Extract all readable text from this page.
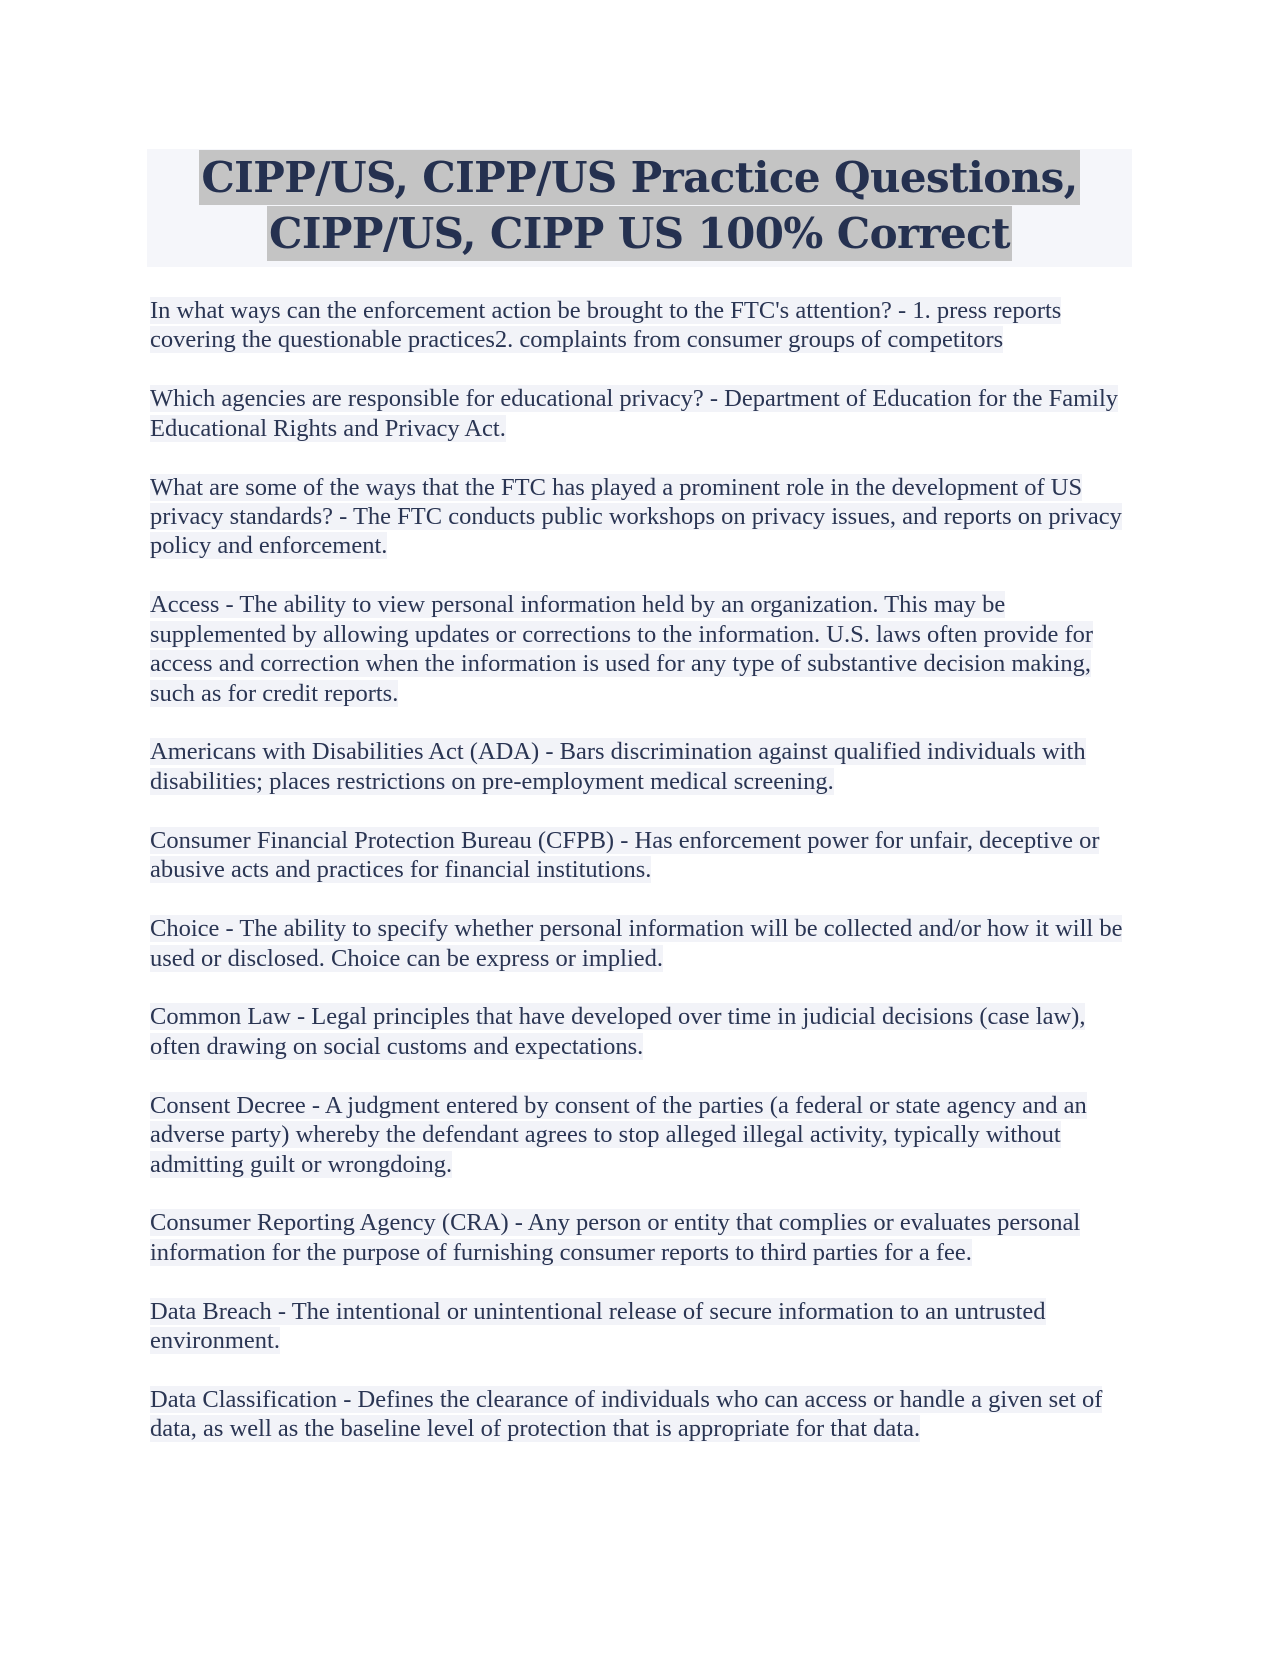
CIPP/US, CIPP/US Practice Questions,
CIPP/US, CIPP US 100% Correct

In what ways can the enforcement action be brought to the FTC's attention? - 1. press reports covering the questionable practices2. complaints from consumer groups of competitors

Which agencies are responsible for educational privacy? - Department of Education for the Family Educational Rights and Privacy Act.

What are some of the ways that the FTC has played a prominent role in the development of US privacy standards? - The FTC conducts public workshops on privacy issues, and reports on privacy policy and enforcement.

Access - The ability to view personal information held by an organization. This may be supplemented by allowing updates or corrections to the information. U.S. laws often provide for access and correction when the information is used for any type of substantive decision making, such as for credit reports.

Americans with Disabilities Act (ADA) - Bars discrimination against qualified individuals with disabilities; places restrictions on pre-employment medical screening.

Consumer Financial Protection Bureau (CFPB) - Has enforcement power for unfair, deceptive or abusive acts and practices for financial institutions.

Choice - The ability to specify whether personal information will be collected and/or how it will be used or disclosed. Choice can be express or implied.

Common Law - Legal principles that have developed over time in judicial decisions (case law), often drawing on social customs and expectations.

Consent Decree - A judgment entered by consent of the parties (a federal or state agency and an adverse party) whereby the defendant agrees to stop alleged illegal activity, typically without admitting guilt or wrongdoing.

Consumer Reporting Agency (CRA) - Any person or entity that complies or evaluates personal information for the purpose of furnishing consumer reports to third parties for a fee.

Data Breach - The intentional or unintentional release of secure information to an untrusted environment.

Data Classification - Defines the clearance of individuals who can access or handle a given set of data, as well as the baseline level of protection that is appropriate for that data.
